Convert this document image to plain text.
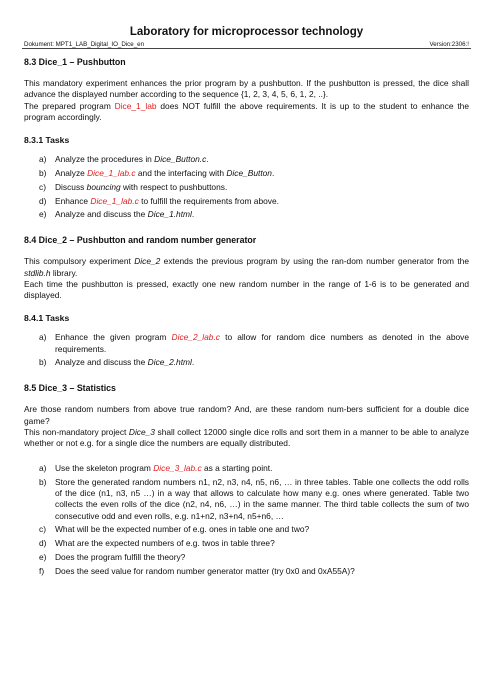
Laboratory for microprocessor technology
Dokument: MPT1_LAB_Digital_IO_Dice_en	Version:2306:!
8.3 Dice_1 – Pushbutton

This mandatory experiment enhances the prior program by a pushbutton. If the pushbutton is pressed, the dice shall advance the displayed number according to the sequence {1, 2, 3, 4, 5, 6, 1, 2, ..}.

The prepared program Dice_1_lab does NOT fulfill the above requirements. It is up to the student to enhance the program accordingly.

8.3.1 Tasks
a) Analyze the procedures in Dice_Button.c.
b) Analyze Dice_1_lab.c and the interfacing with Dice_Button.
c) Discuss bouncing with respect to pushbuttons.
d) Enhance Dice_1_lab.c to fulfill the requirements from above.
e) Analyze and discuss the Dice_1.html.
8.4 Dice_2 – Pushbutton and random number generator

This compulsory experiment Dice_2 extends the previous program by using the ran-dom number generator from the stdlib.h library.

Each time the pushbutton is pressed, exactly one new random number in the range of 1-6 is to be generated and displayed.

8.4.1 Tasks
a) Enhance the given program Dice_2_lab.c to allow for random dice numbers as denoted in the above requirements.
b) Analyze and discuss the Dice_2.html.
8.5 Dice_3 – Statistics

Are those random numbers from above true random? And, are these random num-bers sufficient for a double dice game?

This non-mandatory project Dice_3 shall collect 12000 single dice rolls and sort them in a manner to be able to analyze whether or not e.g. for a single dice the numbers are equally distributed.

a) Use the skeleton program Dice_3_lab.c as a starting point.
b) Store the generated random numbers n1, n2, n3, n4, n5, n6, … in three tables. Table one collects the odd rolls of the dice (n1, n3, n5 …) in a way that allows to calculate how many e.g. ones where generated. Table two collects the even rolls of the dice (n2, n4, n6, …) in the same manner. The third table collects the sum of two consecutive odd and even rolls, e.g. n1+n2, n3+n4, n5+n6, …
c) What will be the expected number of e.g. ones in table one and two?
d) What are the expected numbers of e.g. twos in table three?
e) Does the program fulfill the theory?
f) Does the seed value for random number generator matter (try 0x0 and 0xA55A)?
